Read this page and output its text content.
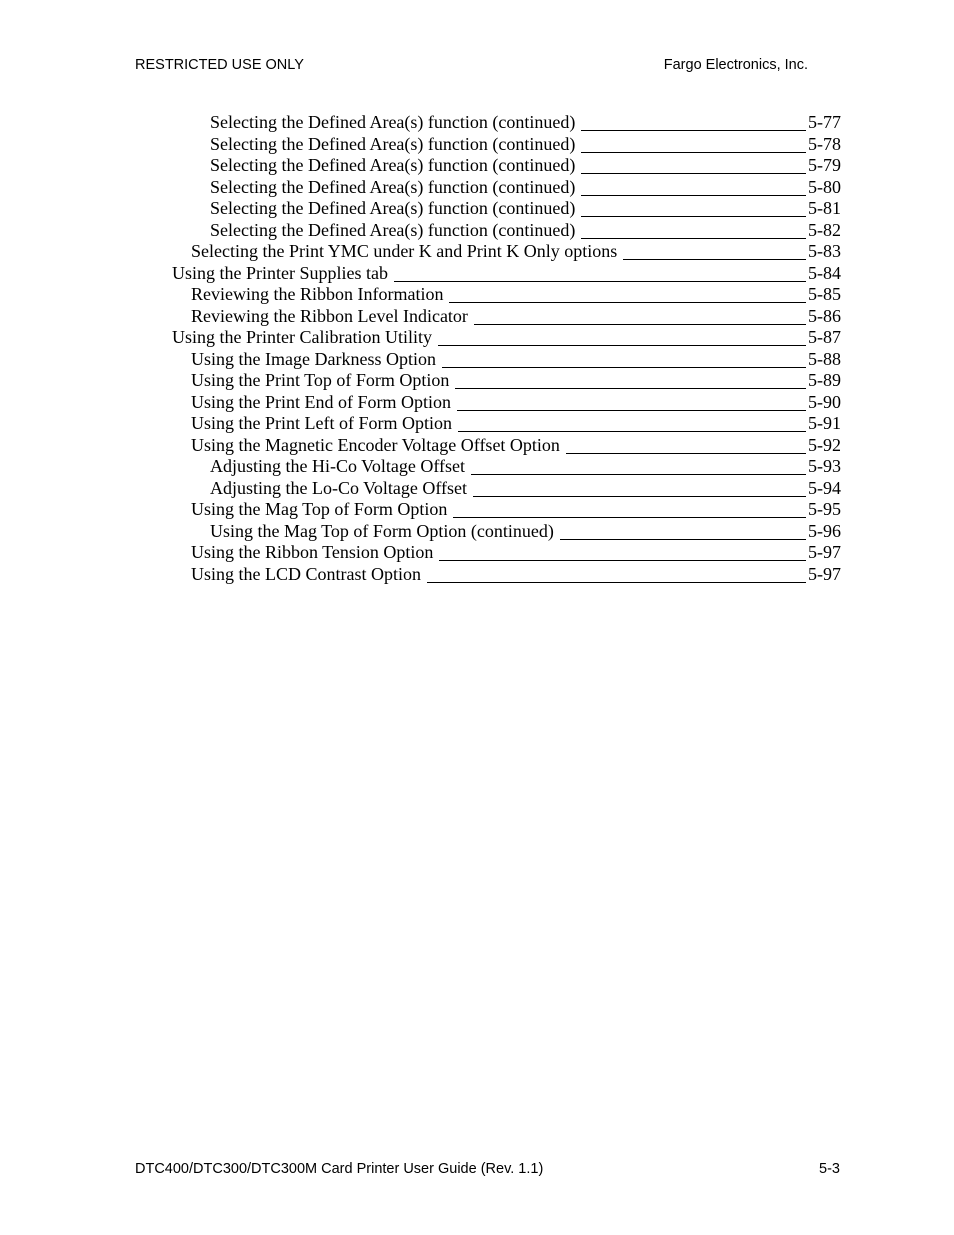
RESTRICTED USE ONLY	Fargo Electronics, Inc.
Selecting the Defined Area(s) function (continued)	5-77
Selecting the Defined Area(s) function (continued)	5-78
Selecting the Defined Area(s) function (continued)	5-79
Selecting the Defined Area(s) function (continued)	5-80
Selecting the Defined Area(s) function (continued)	5-81
Selecting the Defined Area(s) function (continued)	5-82
Selecting the Print YMC under K and Print K Only options	5-83
Using the Printer Supplies tab	5-84
Reviewing the Ribbon Information	5-85
Reviewing the Ribbon Level Indicator	5-86
Using the Printer Calibration Utility	5-87
Using the Image Darkness Option	5-88
Using the Print Top of Form Option	5-89
Using the Print End of Form Option	5-90
Using the Print Left of Form Option	5-91
Using the Magnetic Encoder Voltage Offset Option	5-92
Adjusting the Hi-Co Voltage Offset	5-93
Adjusting the Lo-Co Voltage Offset	5-94
Using the Mag Top of Form Option	5-95
Using the Mag Top of Form Option (continued)	5-96
Using the Ribbon Tension Option	5-97
Using the LCD Contrast Option	5-97
DTC400/DTC300/DTC300M Card Printer User Guide (Rev. 1.1)	5-3
